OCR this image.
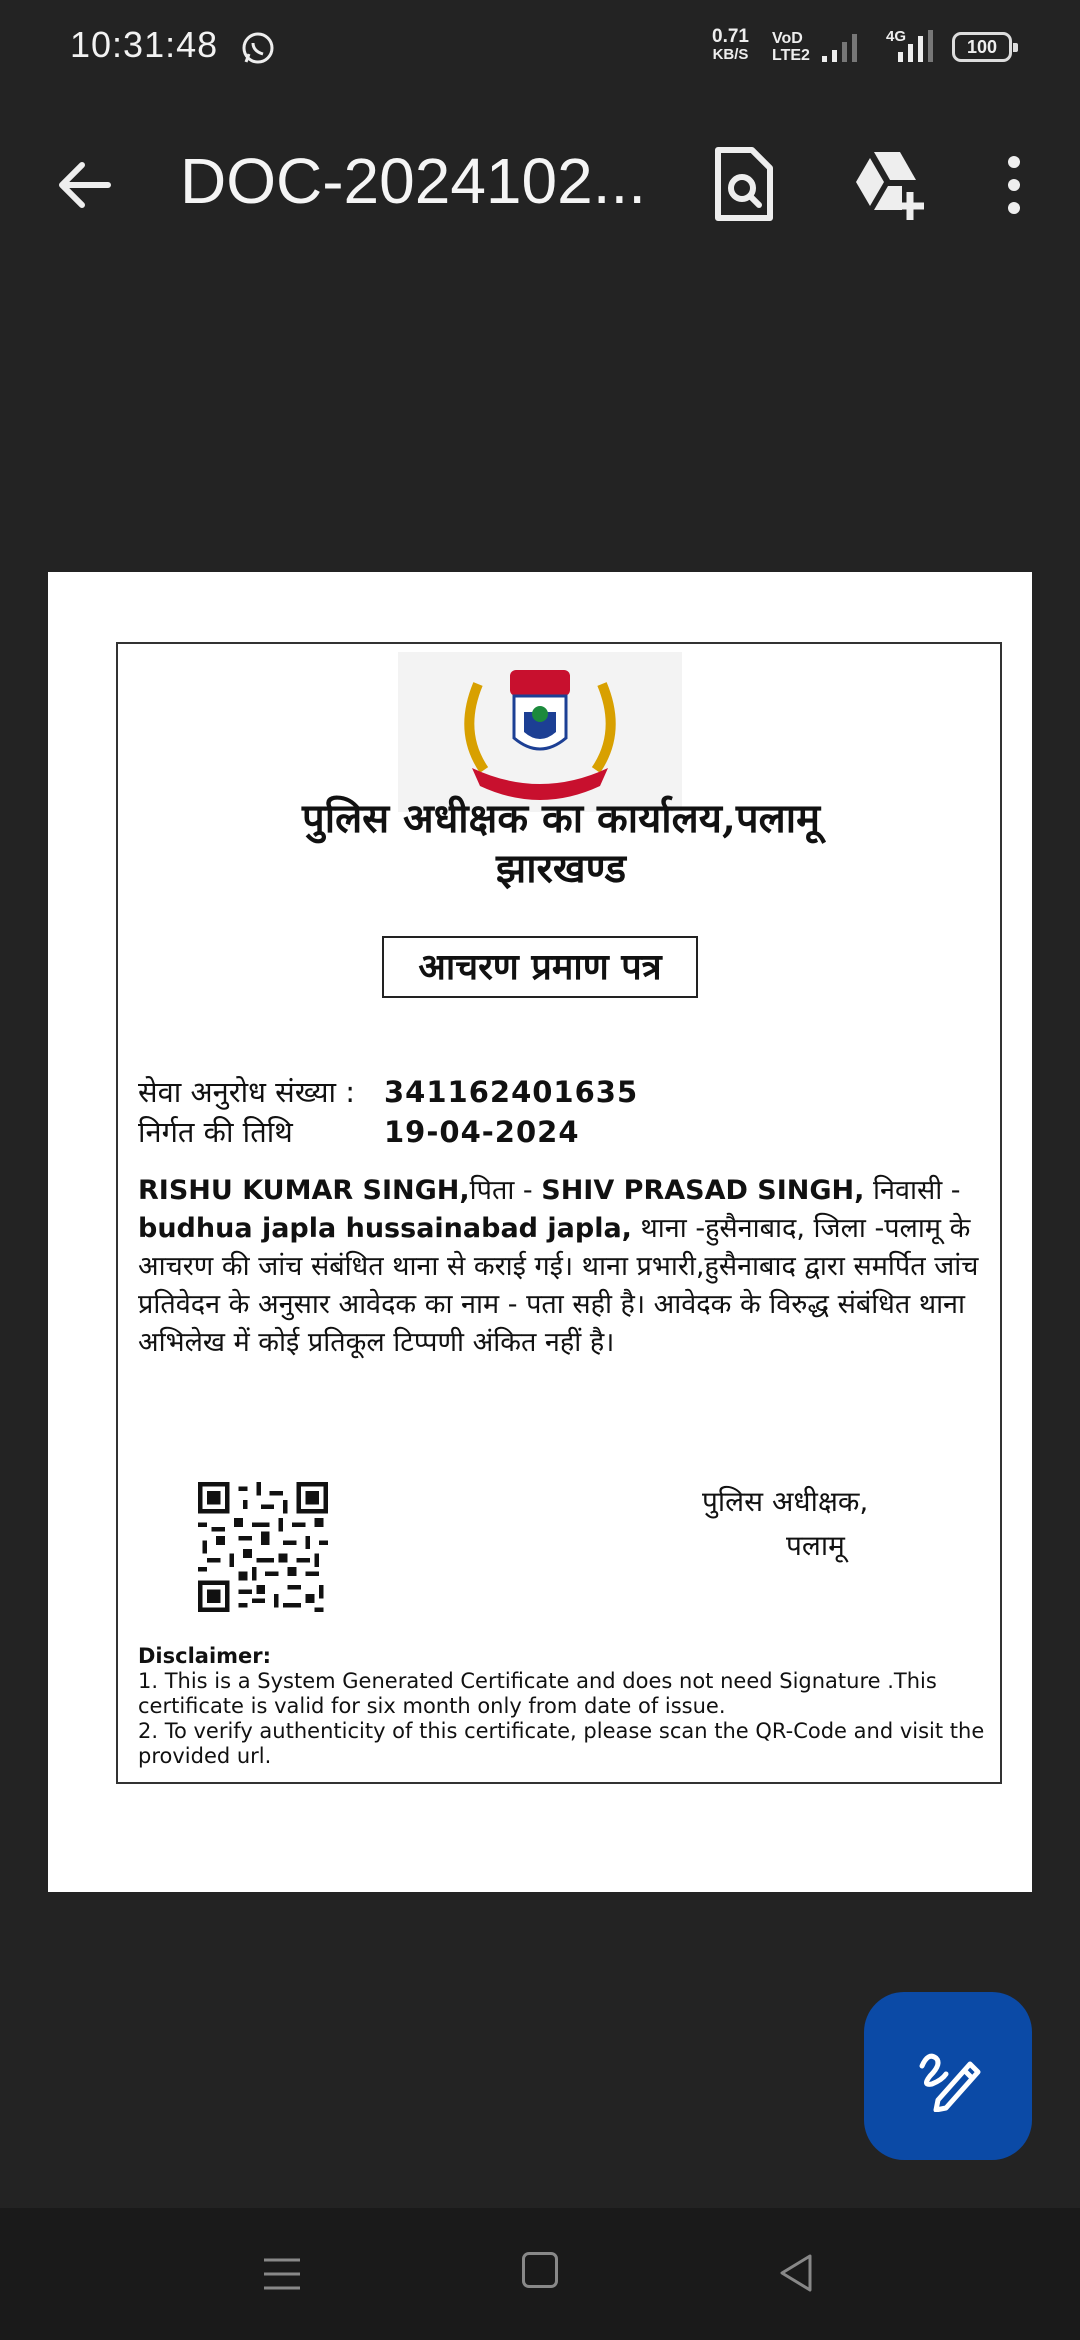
10:31:48	0.71
KB/S
VoD
LTE2
4G
100
DOC-2024102...
पुलिस अधीक्षक का कार्यालय,पलामू
झारखण्ड
आचरण प्रमाण पत्र
सेवा अनुरोध संख्या : 341162401635
निर्गत की तिथि	19-04-2024
RISHU KUMAR SINGH,पिता - SHIV PRASAD SINGH, निवासी - budhua japla hussainabad japla, थाना -हुसैनाबाद, जिला -पलामू के आचरण की जांच संबंधित थाना से कराई गई। थाना प्रभारी,हुसैनाबाद द्वारा समर्पित जांच प्रतिवेदन के अनुसार आवेदक का नाम - पता सही है। आवेदक के विरुद्ध संबंधित थाना अभिलेख में कोई प्रतिकूल टिप्पणी अंकित नहीं है।
पुलिस अधीक्षक,
पलामू
Disclaimer:
1. This is a System Generated Certificate and does not need Signature .This certificate is valid for six month only from date of issue.
2. To verify authenticity of this certificate, please scan the QR-Code and visit the provided url.
